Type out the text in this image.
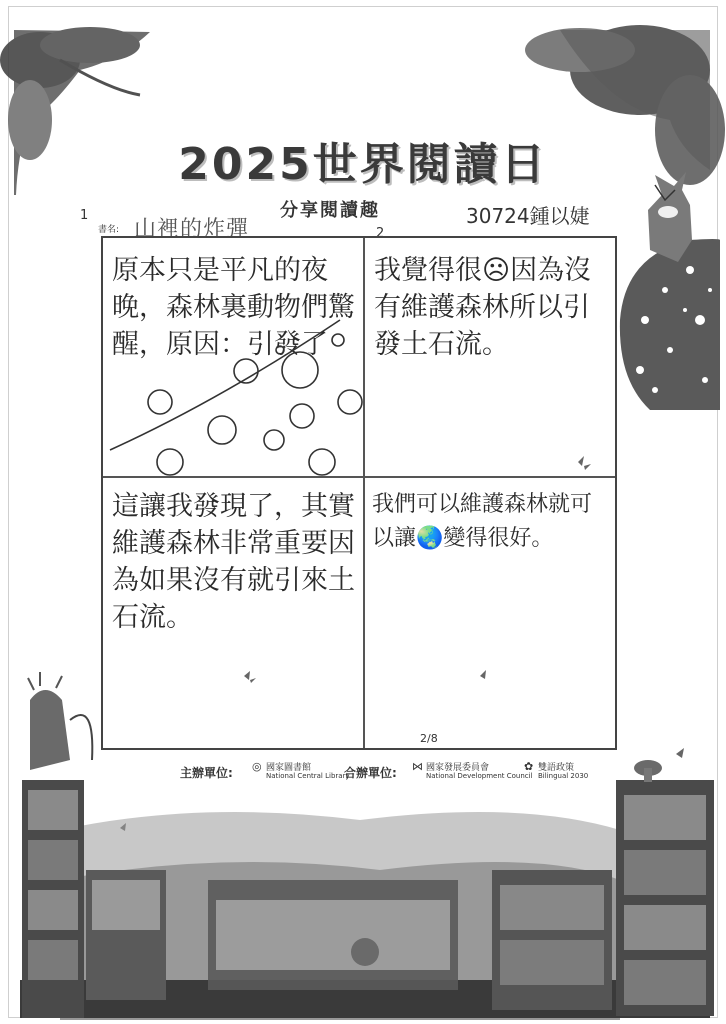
2025世界閱讀日
分享閱讀趣	30724鍾以婕
書名: 山裡的炸彈
1
2
原本只是平凡的夜晚，森林裏動物們驚醒，原因：引發了
我覺得很☹因為沒有維護森林所以引發土石流。
這讓我發現了，其實維護森林非常重要因為如果沒有就引來土石流。
我們可以維護森林就可以讓🌏變得很好。
2/8
主辦單位: ◎ 國家圖書館
National Central Library
合辦單位: ⋈ 國家發展委員會
National Development Council
✿ 雙語政策
Bilingual 2030
